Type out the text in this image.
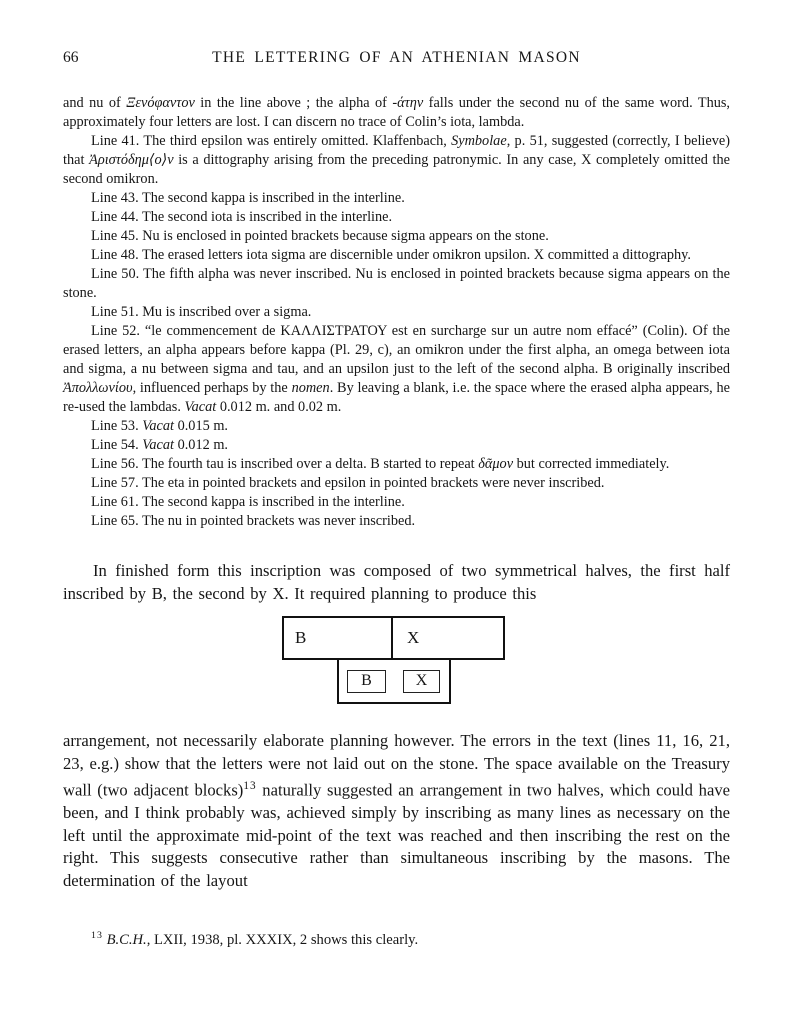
66	THE LETTERING OF AN ATHENIAN MASON

and nu of Ξενόφαντον in the line above ; the alpha of -άτην falls under the second nu of the same word. Thus, approximately four letters are lost. I can discern no trace of Colin’s iota, lambda.

Line 41. The third epsilon was entirely omitted. Klaffenbach, Symbolae, p. 51, suggested (correctly, I believe) that Ἀριστόδημ⟨ο⟩ν is a dittography arising from the preceding patronymic. In any case, X completely omitted the second omikron.

Line 43. The second kappa is inscribed in the interline.

Line 44. The second iota is inscribed in the interline.

Line 45. Nu is enclosed in pointed brackets because sigma appears on the stone.

Line 48. The erased letters iota sigma are discernible under omikron upsilon. X committed a dittography.

Line 50. The fifth alpha was never inscribed. Nu is enclosed in pointed brackets because sigma appears on the stone.

Line 51. Mu is inscribed over a sigma.

Line 52. “le commencement de ΚΑΛΛΙΣΤΡΑΤΟΥ est en surcharge sur un autre nom effacé” (Colin). Of the erased letters, an alpha appears before kappa (Pl. 29, c), an omikron under the first alpha, an omega between iota and sigma, a nu between sigma and tau, and an upsilon just to the left of the second alpha. B originally inscribed Ἀπολλωνίου, influenced perhaps by the nomen. By leaving a blank, i.e. the space where the erased alpha appears, he re-used the lambdas. Vacat 0.012 m. and 0.02 m.

Line 53. Vacat 0.015 m.

Line 54. Vacat 0.012 m.

Line 56. The fourth tau is inscribed over a delta. B started to repeat δᾶμον but corrected immediately.

Line 57. The eta in pointed brackets and epsilon in pointed brackets were never inscribed.

Line 61. The second kappa is inscribed in the interline.

Line 65. The nu in pointed brackets was never inscribed.

In finished form this inscription was composed of two symmetrical halves, the first half inscribed by B, the second by X. It required planning to produce this

B	X
B	X

arrangement, not necessarily elaborate planning however. The errors in the text (lines 11, 16, 21, 23, e.g.) show that the letters were not laid out on the stone. The space available on the Treasury wall (two adjacent blocks)$^{13}$ naturally suggested an arrangement in two halves, which could have been, and I think probably was, achieved simply by inscribing as many lines as necessary on the left until the approximate mid-point of the text was reached and then inscribing the rest on the right. This suggests consecutive rather than simultaneous inscribing by the masons. The determination of the layout

$^{13}$ B.C.H., LXII, 1938, pl. XXXIX, 2 shows this clearly.
